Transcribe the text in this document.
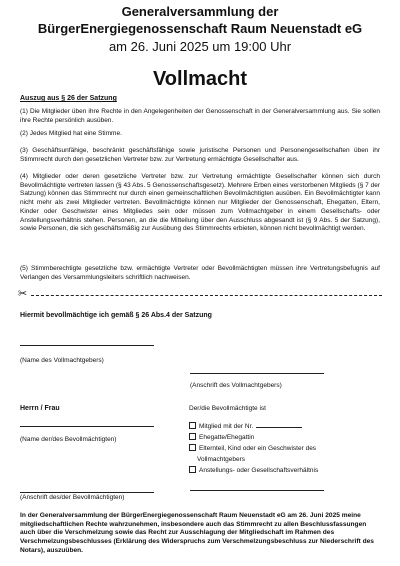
Generalversammlung der
BürgerEnergiegenossenschaft Raum Neuenstadt eG
am 26. Juni 2025 um 19:00 Uhr
Vollmacht
Auszug aus § 26 der Satzung

(1) Die Mitglieder üben ihre Rechte in den Angelegenheiten der Genossenschaft in der Generalversammlung aus. Sie sollen ihre Rechte persönlich ausüben.

(2) Jedes Mitglied hat eine Stimme.

(3) Geschäftsunfähige, beschränkt geschäftsfähige sowie juristische Personen und Personengesellschaften üben ihr Stimmrecht durch den gesetzlichen Vertreter bzw. zur Vertretung ermächtigte Gesellschafter aus.

(4) Mitglieder oder deren gesetzliche Vertreter bzw. zur Vertretung ermächtigte Gesellschafter können sich durch Bevollmächtigte vertreten lassen (§ 43 Abs. 5 Genossenschaftsgesetz). Mehrere Erben eines verstorbenen Mitglieds (§ 7 der Satzung) können das Stimmrecht nur durch einen gemeinschaftlichen Bevollmächtigten ausüben. Ein Bevollmächtigter kann nicht mehr als zwei Mitglieder vertreten. Bevollmächtigte können nur Mitglieder der Genossenschaft, Ehegatten, Eltern, Kinder oder Geschwister eines Mitgliedes sein oder müssen zum Vollmachtgeber in einem Gesellschafts- oder Anstellungsverhältnis stehen. Personen, an die die Mitteilung über den Ausschluss abgesandt ist (§ 9 Abs. 5 der Satzung), sowie Personen, die sich geschäftsmäßig zur Ausübung des Stimmrechts erbieten, können nicht bevollmächtigt werden.

(5) Stimmberechtigte gesetzliche bzw. ermächtigte Vertreter oder Bevollmächtigten müssen ihre Vertretungsbefugnis auf Verlangen des Versammlungsleiters schriftlich nachweisen.

✂
Hiermit bevollmächtige ich gemäß § 26 Abs.4 der Satzung
(Name des Vollmachtgebers)
(Anschrift des Vollmachtgebers)
Herrn / Frau	Der/die Bevollmächtigte ist
(Name der/des Bevollmächtigten)
Mitglied mit der Nr.
Ehegatte/Ehegattin
Elternteil, Kind oder ein Geschwister des
Vollmachtgebers
Anstellungs- oder Gesellschaftsverhältnis
(Anschrift des/der Bevollmächtigten)

In der Generalversammlung der BürgerEnergiegenossenschaft Raum Neuenstadt eG am 26. Juni 2025 meine mitgliedschaftlichen Rechte wahrzunehmen, insbesondere auch das Stimmrecht zu allen Beschlussfassungen auch über die Verschmelzung sowie das Recht zur Ausschlagung der Mitgliedschaft im Rahmen des Verschmelzungsbeschlusses (Erklärung des Widerspruchs zum Verschmelzungsbeschluss zur Niederschrift des Notars), auszuüben.
